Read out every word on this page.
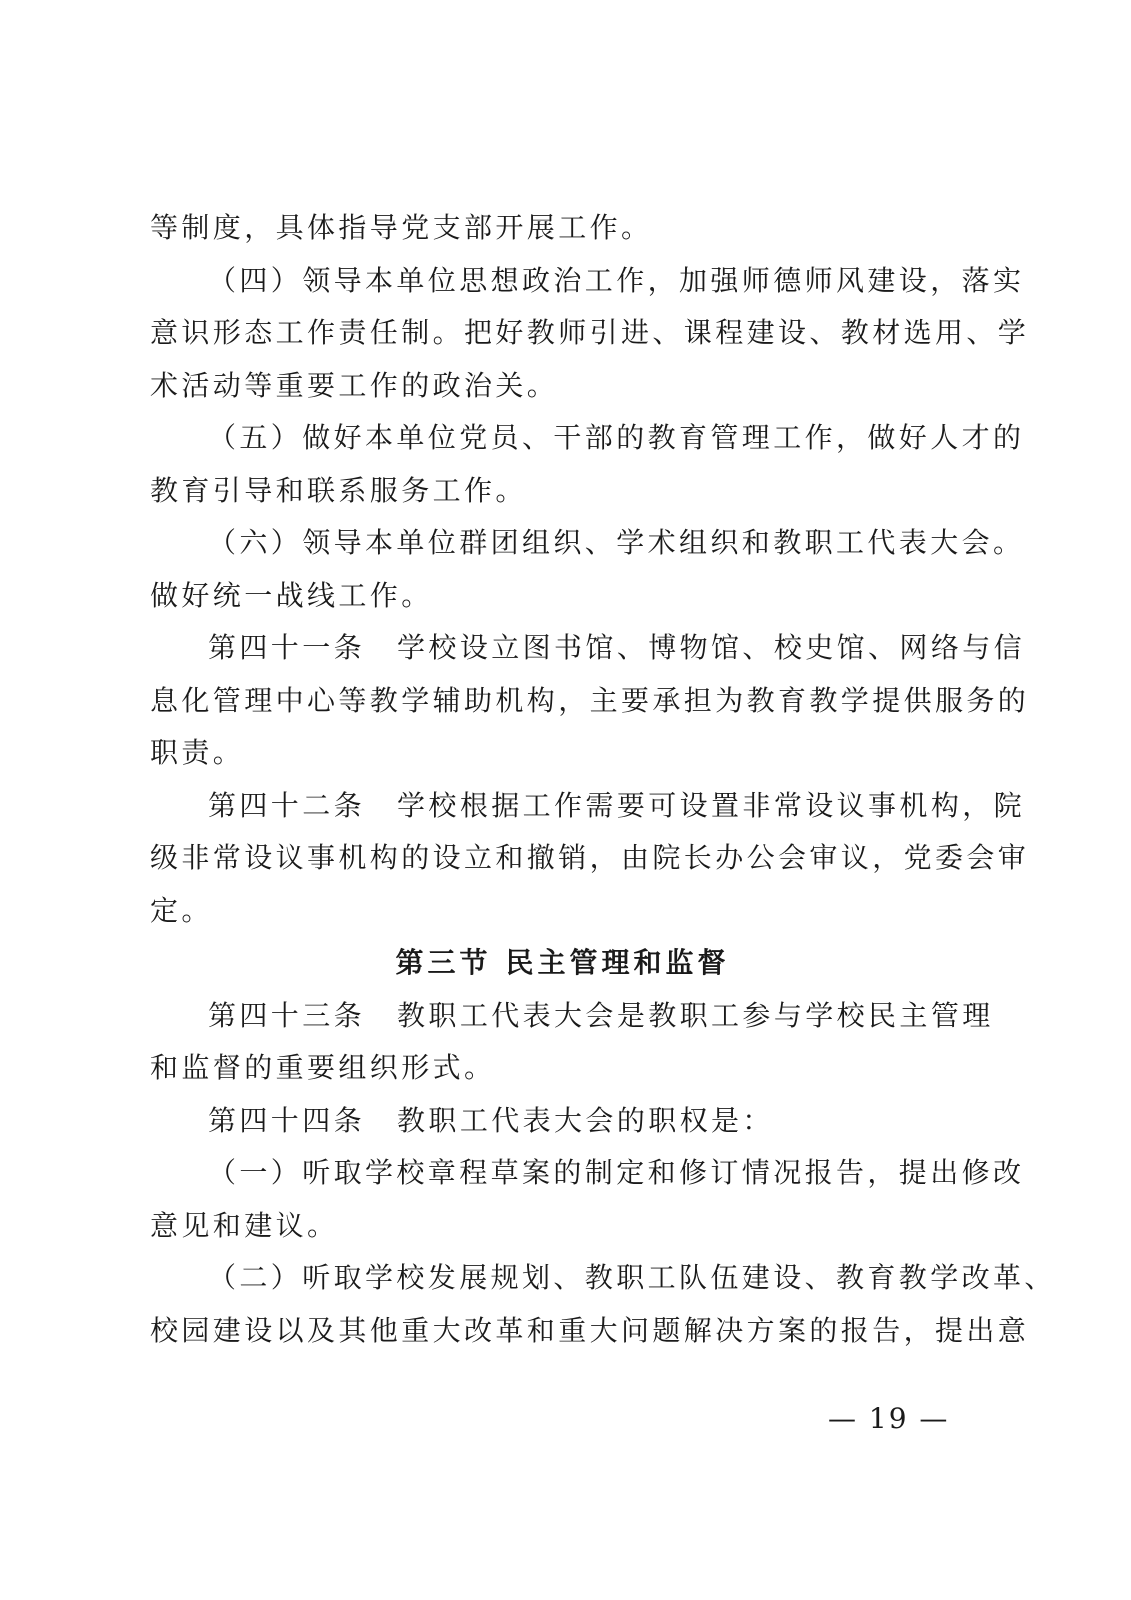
等制度，具体指导党支部开展工作。
（四）领导本单位思想政治工作，加强师德师风建设，落实
意识形态工作责任制。把好教师引进、课程建设、教材选用、学
术活动等重要工作的政治关。
（五）做好本单位党员、干部的教育管理工作，做好人才的
教育引导和联系服务工作。
（六）领导本单位群团组织、学术组织和教职工代表大会。
做好统一战线工作。
第四十一条 学校设立图书馆、博物馆、校史馆、网络与信
息化管理中心等教学辅助机构，主要承担为教育教学提供服务的
职责。
第四十二条 学校根据工作需要可设置非常设议事机构，院
级非常设议事机构的设立和撤销，由院长办公会审议，党委会审
定。
第三节 民主管理和监督
第四十三条 教职工代表大会是教职工参与学校民主管理
和监督的重要组织形式。
第四十四条 教职工代表大会的职权是：
（一）听取学校章程草案的制定和修订情况报告，提出修改
意见和建议。
（二）听取学校发展规划、教职工队伍建设、教育教学改革、
校园建设以及其他重大改革和重大问题解决方案的报告，提出意
— 19 —
